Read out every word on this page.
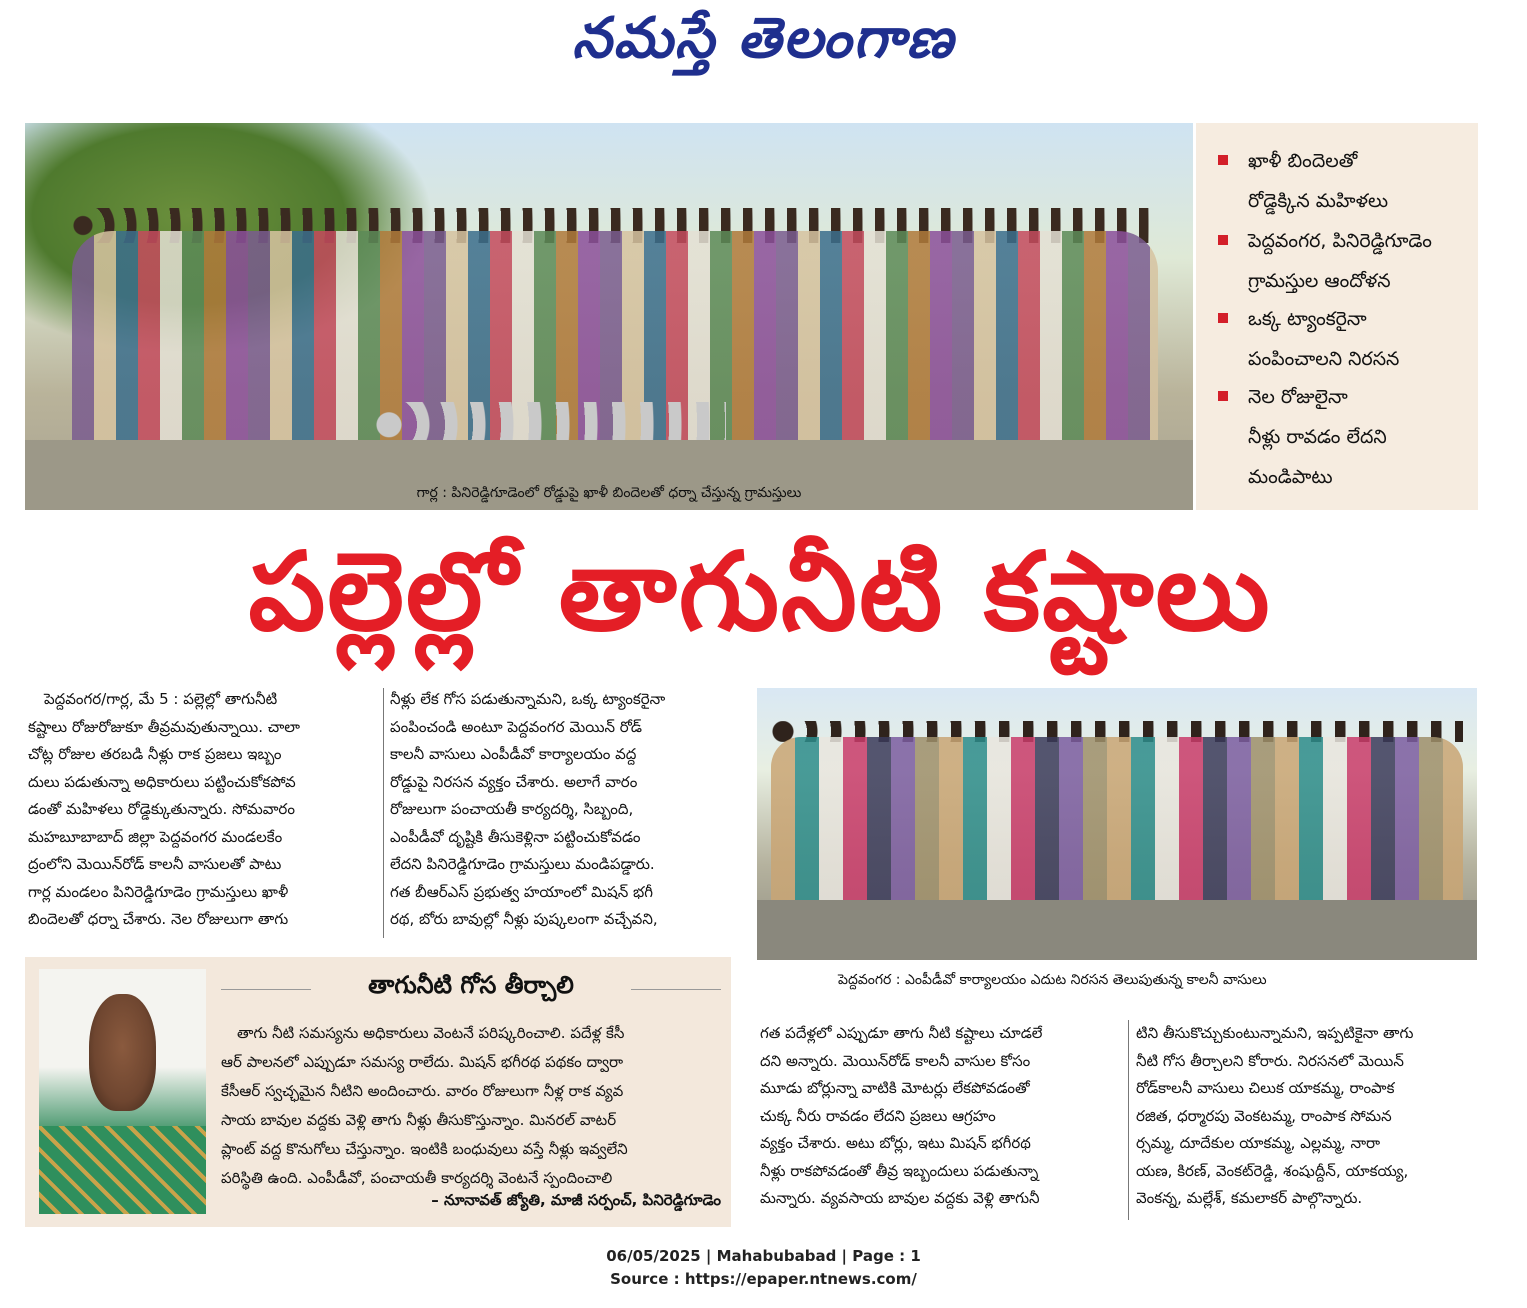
నమస్తే తెలంగాణ
గార్ల : పినిరెడ్డిగూడెంలో రోడ్డుపై ఖాళీ బిందెలతో ధర్నా చేస్తున్న గ్రామస్తులు
ఖాళీ బిందెలతో
రోడ్డెక్కిన మహిళలు
పెద్దవంగర, పినిరెడ్డిగూడెం
గ్రామస్తుల ఆందోళన
ఒక్క ట్యాంకరైనా
పంపించాలని నిరసన
నెల రోజులైనా
నీళ్లు రావడం లేదని
మండిపాటు
పల్లెల్లో తాగునీటి కష్టాలు

పెద్దవంగర/గార్ల, మే 5 : పల్లెల్లో తాగునీటి

కష్టాలు రోజురోజుకూ తీవ్రమవుతున్నాయి. చాలా

చోట్ల రోజుల తరబడి నీళ్లు రాక ప్రజలు ఇబ్బం

దులు పడుతున్నా అధికారులు పట్టించుకోకపోవ

డంతో మహిళలు రోడ్డెక్కుతున్నారు. సోమవారం

మహబూబాబాద్ జిల్లా పెద్దవంగర మండలకేం

ద్రంలోని మెయిన్‌రోడ్ కాలనీ వాసులతో పాటు

గార్ల మండలం పినిరెడ్డిగూడెం గ్రామస్తులు ఖాళీ

బిందెలతో ధర్నా చేశారు. నెల రోజులుగా తాగు

నీళ్లు లేక గోస పడుతున్నామని, ఒక్క ట్యాంకరైనా

పంపించండి అంటూ పెద్దవంగర మెయిన్ రోడ్

కాలనీ వాసులు ఎంపీడీవో కార్యాలయం వద్ద

రోడ్డుపై నిరసన వ్యక్తం చేశారు. అలాగే వారం

రోజులుగా పంచాయతీ కార్యదర్శి, సిబ్బంది,

ఎంపీడీవో దృష్టికి తీసుకెళ్లినా పట్టించుకోవడం

లేదని పినిరెడ్డిగూడెం గ్రామస్తులు మండిపడ్డారు.

గత బీఆర్‌ఎస్ ప్రభుత్వ హయాంలో మిషన్ భగీ

రథ, బోరు బావుల్లో నీళ్లు పుష్కలంగా వచ్చేవని,

పెద్దవంగర : ఎంపీడీవో కార్యాలయం ఎదుట నిరసన తెలుపుతున్న కాలనీ వాసులు
తాగునీటి గోస తీర్చాలి

తాగు నీటి సమస్యను అధికారులు వెంటనే పరిష్కరించాలి. పదేళ్ల కేసీ

ఆర్ పాలనలో ఎప్పుడూ సమస్య రాలేదు. మిషన్ భగీరథ పథకం ద్వారా

కేసీఆర్ స్వచ్ఛమైన నీటిని అందించారు. వారం రోజులుగా నీళ్ల రాక వ్యవ

సాయ బావుల వద్దకు వెళ్లి తాగు నీళ్లు తీసుకొస్తున్నాం. మినరల్ వాటర్

ప్లాంట్ వద్ద కొనుగోలు చేస్తున్నాం. ఇంటికి బంధువులు వస్తే నీళ్లు ఇవ్వలేని

పరిస్థితి ఉంది. ఎంపీడీవో, పంచాయతీ కార్యదర్శి వెంటనే స్పందించాలి

– నూనావత్ జ్యోతి, మాజీ సర్పంచ్, పినిరెడ్డిగూడెం

గత పదేళ్లలో ఎప్పుడూ తాగు నీటి కష్టాలు చూడలే

దని అన్నారు. మెయిన్‌రోడ్ కాలనీ వాసుల కోసం

మూడు బోర్లున్నా వాటికి మోటర్లు లేకపోవడంతో

చుక్క నీరు రావడం లేదని ప్రజలు ఆగ్రహం

వ్యక్తం చేశారు. అటు బోర్లు, ఇటు మిషన్ భగీరథ

నీళ్లు రాకపోవడంతో తీవ్ర ఇబ్బందులు పడుతున్నా

మన్నారు. వ్యవసాయ బావుల వద్దకు వెళ్లి తాగునీ

టిని తీసుకొచ్చుకుంటున్నామని, ఇప్పటికైనా తాగు

నీటి గోస తీర్చాలని కోరారు. నిరసనలో మెయిన్

రోడ్‌కాలనీ వాసులు చిలుక యాకమ్మ, రాంపాక

రజిత, ధర్మారపు వెంకటమ్మ, రాంపాక సోమన

ర్సమ్మ, దూదేకుల యాకమ్మ, ఎల్లమ్మ, నారా

యణ, కిరణ్, వెంకట్‌రెడ్డి, శంషుద్దీన్, యాకయ్య,

వెంకన్న, మల్లేశ్, కమలాకర్ పాల్గొన్నారు.

06/05/2025 | Mahabubabad | Page : 1
Source : https://epaper.ntnews.com/
